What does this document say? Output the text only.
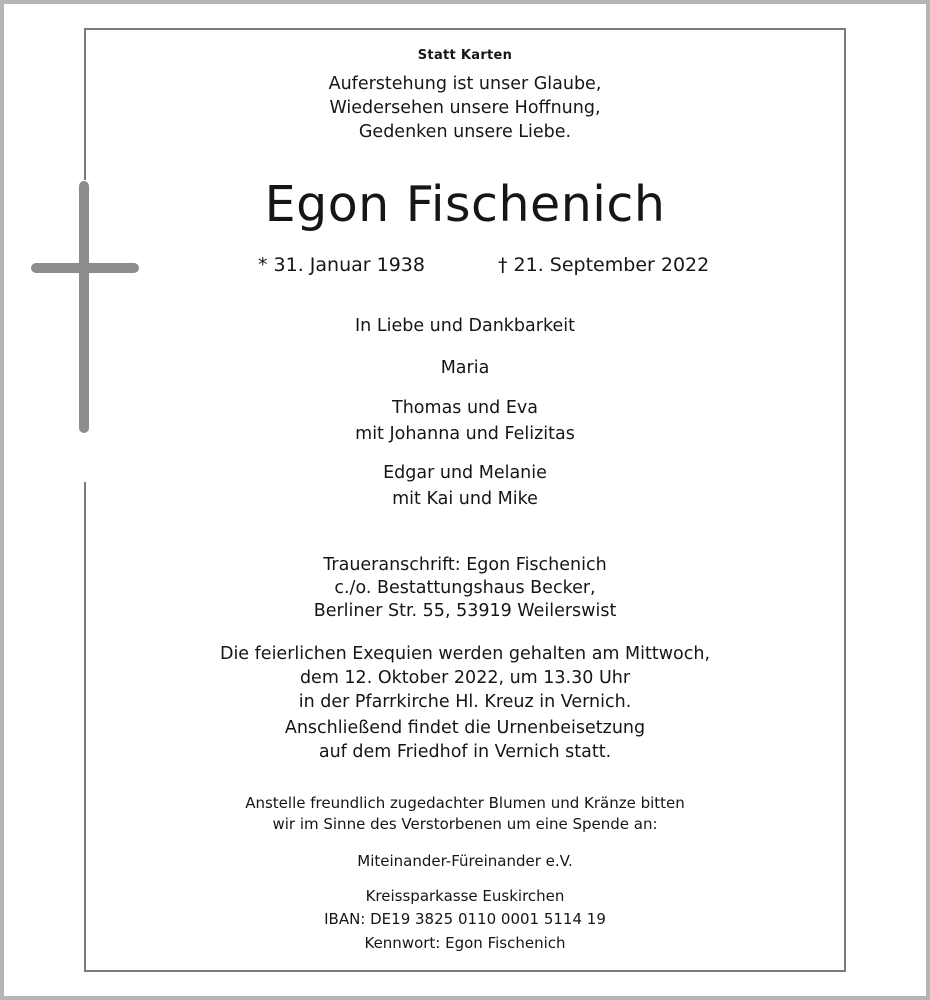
Statt Karten
Auferstehung ist unser Glaube,
Wiedersehen unsere Hoffnung,
Gedenken unsere Liebe.
Egon Fischenich
* 31. Januar 1938	† 21. September 2022
In Liebe und Dankbarkeit
Maria
Thomas und Eva
mit Johanna und Felizitas
Edgar und Melanie
mit Kai und Mike
Traueranschrift: Egon Fischenich
c./o. Bestattungshaus Becker,
Berliner Str. 55, 53919 Weilerswist
Die feierlichen Exequien werden gehalten am Mittwoch,
dem 12. Oktober 2022, um 13.30 Uhr
in der Pfarrkirche Hl. Kreuz in Vernich.
Anschließend findet die Urnenbeisetzung
auf dem Friedhof in Vernich statt.
Anstelle freundlich zugedachter Blumen und Kränze bitten
wir im Sinne des Verstorbenen um eine Spende an:
Miteinander-Füreinander e.V.
Kreissparkasse Euskirchen
IBAN: DE19 3825 0110 0001 5114 19
Kennwort: Egon Fischenich
